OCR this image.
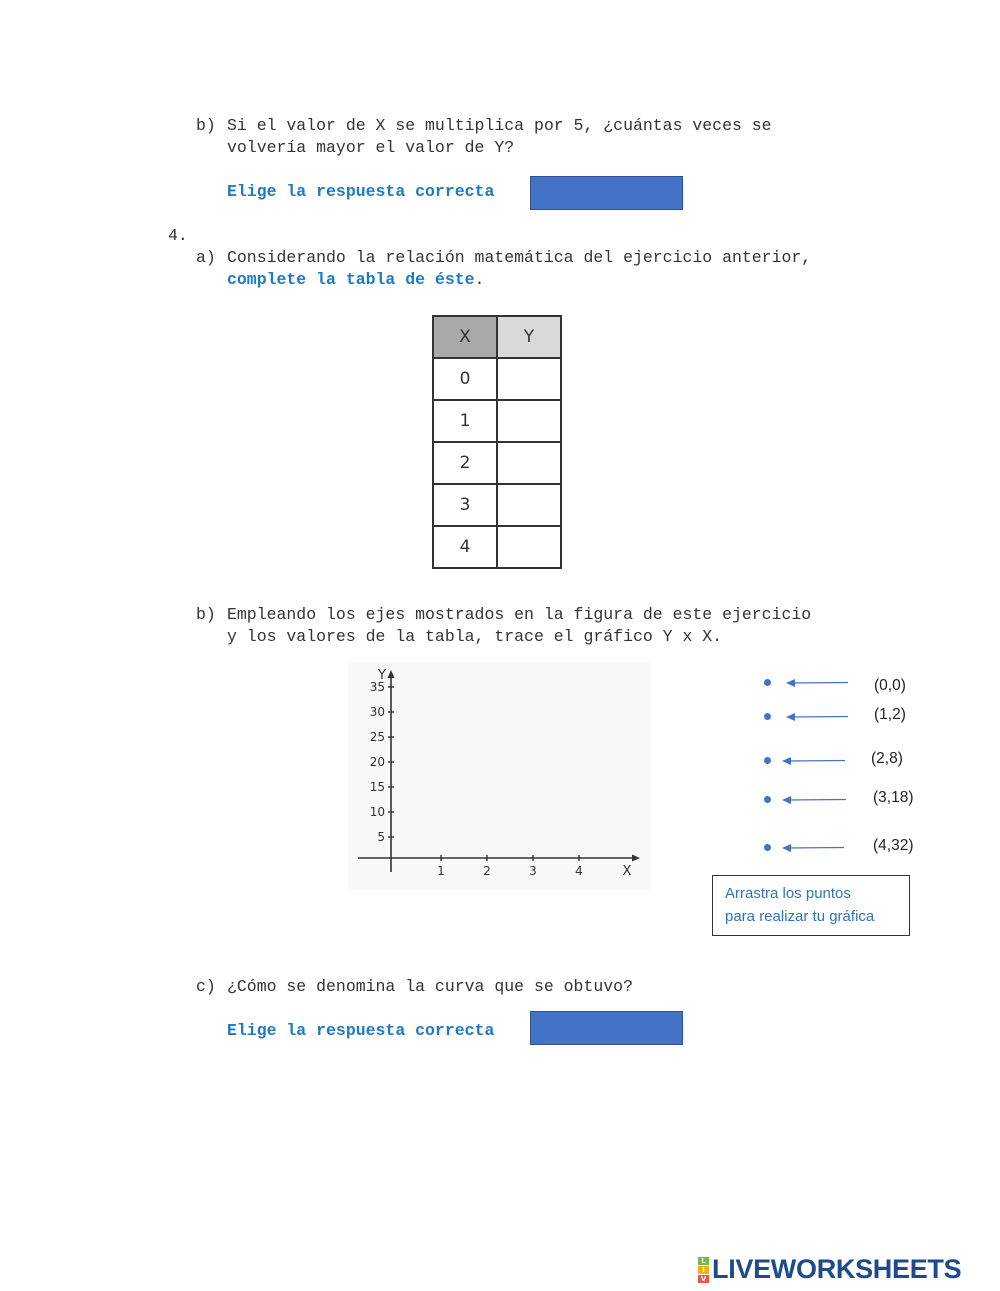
b) Si el valor de X se multiplica por 5, ¿cuántas veces se
volvería mayor el valor de Y?
Elige la respuesta correcta
4.
a) Considerando la relación matemática del ejercicio anterior,
complete la tabla de éste.
X	Y
0	
1	
2	
3	
4	
b) Empleando los ejes mostrados en la figura de este ejercicio
y los valores de la tabla, trace el gráfico Y x X.
1	2	3	4	X
5
10
15
20
25
30
35
Y
(0,0)
(1,2)
(2,8)
(3,18)
(4,32)
Arrastra los puntos
para realizar tu gráfica
c) ¿Cómo se denomina la curva que se obtuvo?
Elige la respuesta correcta
L
I
V LIVEWORKSHEETS
